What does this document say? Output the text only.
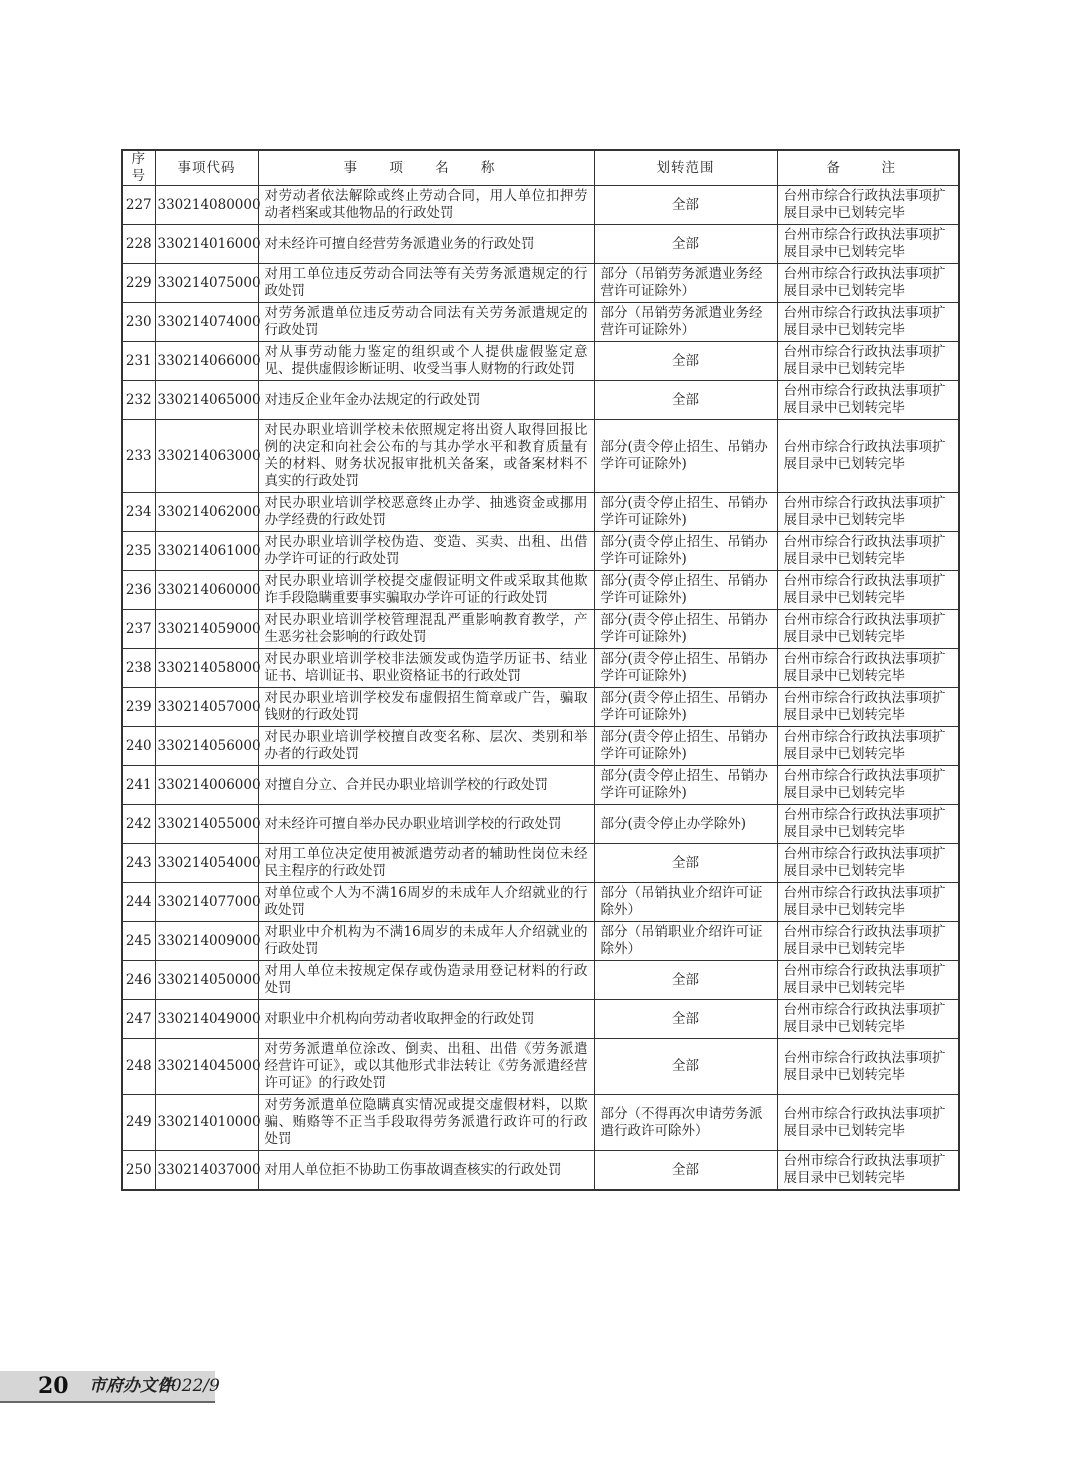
序号	事项代码	事 项 名 称	划转范围	备　注
227	330214080000	对劳动者依法解除或终止劳动合同，用人单位扣押劳动者档案或其他物品的行政处罚	全部	台州市综合行政执法事项扩展目录中已划转完毕
228	330214016000	对未经许可擅自经营劳务派遣业务的行政处罚	全部	台州市综合行政执法事项扩展目录中已划转完毕
229	330214075000	对用工单位违反劳动合同法等有关劳务派遣规定的行政处罚	部分（吊销劳务派遣业务经营许可证除外）	台州市综合行政执法事项扩展目录中已划转完毕
230	330214074000	对劳务派遣单位违反劳动合同法有关劳务派遣规定的行政处罚	部分（吊销劳务派遣业务经营许可证除外）	台州市综合行政执法事项扩展目录中已划转完毕
231	330214066000	对从事劳动能力鉴定的组织或个人提供虚假鉴定意见、提供虚假诊断证明、收受当事人财物的行政处罚	全部	台州市综合行政执法事项扩展目录中已划转完毕
232	330214065000	对违反企业年金办法规定的行政处罚	全部	台州市综合行政执法事项扩展目录中已划转完毕
233	330214063000	对民办职业培训学校未依照规定将出资人取得回报比例的决定和向社会公布的与其办学水平和教育质量有关的材料、财务状况报审批机关备案，或备案材料不真实的行政处罚	部分(责令停止招生、吊销办学许可证除外)	台州市综合行政执法事项扩展目录中已划转完毕
234	330214062000	对民办职业培训学校恶意终止办学、抽逃资金或挪用办学经费的行政处罚	部分(责令停止招生、吊销办学许可证除外)	台州市综合行政执法事项扩展目录中已划转完毕
235	330214061000	对民办职业培训学校伪造、变造、买卖、出租、出借办学许可证的行政处罚	部分(责令停止招生、吊销办学许可证除外)	台州市综合行政执法事项扩展目录中已划转完毕
236	330214060000	对民办职业培训学校提交虚假证明文件或采取其他欺诈手段隐瞒重要事实骗取办学许可证的行政处罚	部分(责令停止招生、吊销办学许可证除外)	台州市综合行政执法事项扩展目录中已划转完毕
237	330214059000	对民办职业培训学校管理混乱严重影响教育教学，产生恶劣社会影响的行政处罚	部分(责令停止招生、吊销办学许可证除外)	台州市综合行政执法事项扩展目录中已划转完毕
238	330214058000	对民办职业培训学校非法颁发或伪造学历证书、结业证书、培训证书、职业资格证书的行政处罚	部分(责令停止招生、吊销办学许可证除外)	台州市综合行政执法事项扩展目录中已划转完毕
239	330214057000	对民办职业培训学校发布虚假招生简章或广告，骗取钱财的行政处罚	部分(责令停止招生、吊销办学许可证除外)	台州市综合行政执法事项扩展目录中已划转完毕
240	330214056000	对民办职业培训学校擅自改变名称、层次、类别和举办者的行政处罚	部分(责令停止招生、吊销办学许可证除外)	台州市综合行政执法事项扩展目录中已划转完毕
241	330214006000	对擅自分立、合并民办职业培训学校的行政处罚	部分(责令停止招生、吊销办学许可证除外)	台州市综合行政执法事项扩展目录中已划转完毕
242	330214055000	对未经许可擅自举办民办职业培训学校的行政处罚	部分(责令停止办学除外)	台州市综合行政执法事项扩展目录中已划转完毕
243	330214054000	对用工单位决定使用被派遣劳动者的辅助性岗位未经民主程序的行政处罚	全部	台州市综合行政执法事项扩展目录中已划转完毕
244	330214077000	对单位或个人为不满16周岁的未成年人介绍就业的行政处罚	部分（吊销执业介绍许可证除外）	台州市综合行政执法事项扩展目录中已划转完毕
245	330214009000	对职业中介机构为不满16周岁的未成年人介绍就业的行政处罚	部分（吊销职业介绍许可证除外）	台州市综合行政执法事项扩展目录中已划转完毕
246	330214050000	对用人单位未按规定保存或伪造录用登记材料的行政处罚	全部	台州市综合行政执法事项扩展目录中已划转完毕
247	330214049000	对职业中介机构向劳动者收取押金的行政处罚	全部	台州市综合行政执法事项扩展目录中已划转完毕
248	330214045000	对劳务派遣单位涂改、倒卖、出租、出借《劳务派遣经营许可证》，或以其他形式非法转让《劳务派遣经营许可证》的行政处罚	全部	台州市综合行政执法事项扩展目录中已划转完毕
249	330214010000	对劳务派遣单位隐瞒真实情况或提交虚假材料，以欺骗、贿赂等不正当手段取得劳务派遣行政许可的行政处罚	部分（不得再次申请劳务派遣行政许可除外）	台州市综合行政执法事项扩展目录中已划转完毕
250	330214037000	对用人单位拒不协助工伤事故调查核实的行政处罚	全部	台州市综合行政执法事项扩展目录中已划转完毕
20 市府办文件
2022/9
